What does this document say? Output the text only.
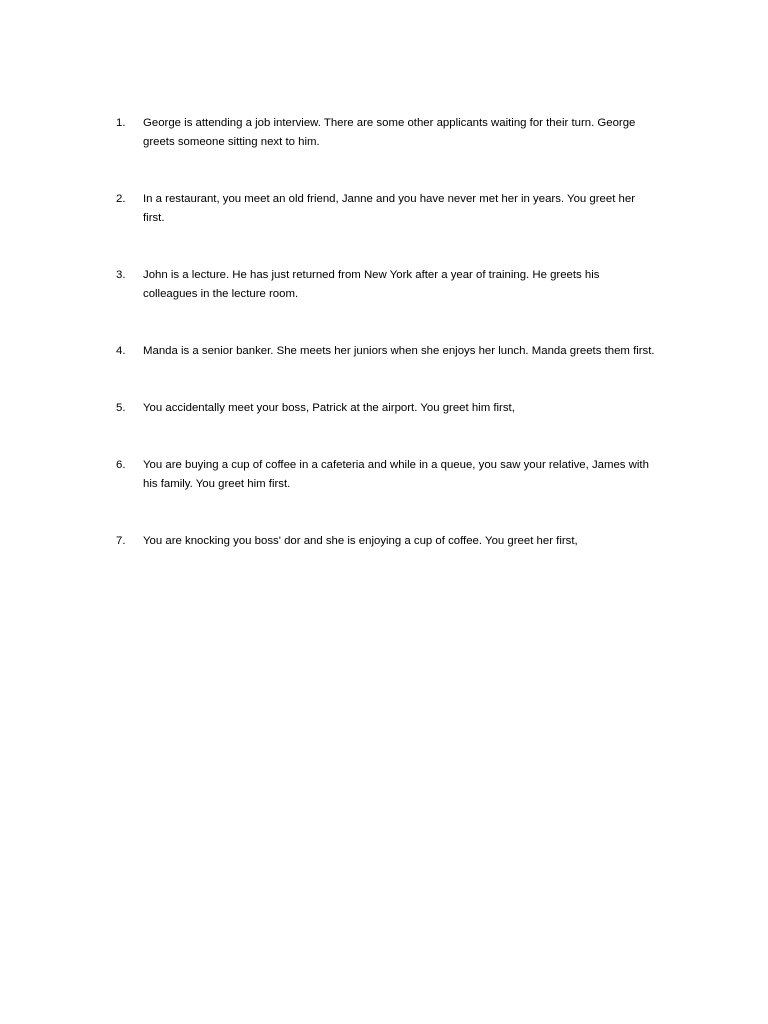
1.	George is attending a job interview. There are some other applicants waiting for their turn. George greets someone sitting next to him.
2.	In a restaurant, you meet an old friend, Janne and you have never met her in years. You greet her first.
3.	John is a lecture. He has just returned from New York after a year of training. He greets his colleagues in the lecture room.
4.	Manda is a senior banker. She meets her juniors when she enjoys her lunch. Manda greets them first.
5.	You accidentally meet your boss, Patrick at the airport. You greet him first,
6.	You are buying a cup of coffee in a cafeteria and while in a queue, you saw your relative, James with his family. You greet him first.
7.	You are knocking you boss' dor and she is enjoying a cup of coffee. You greet her first,
